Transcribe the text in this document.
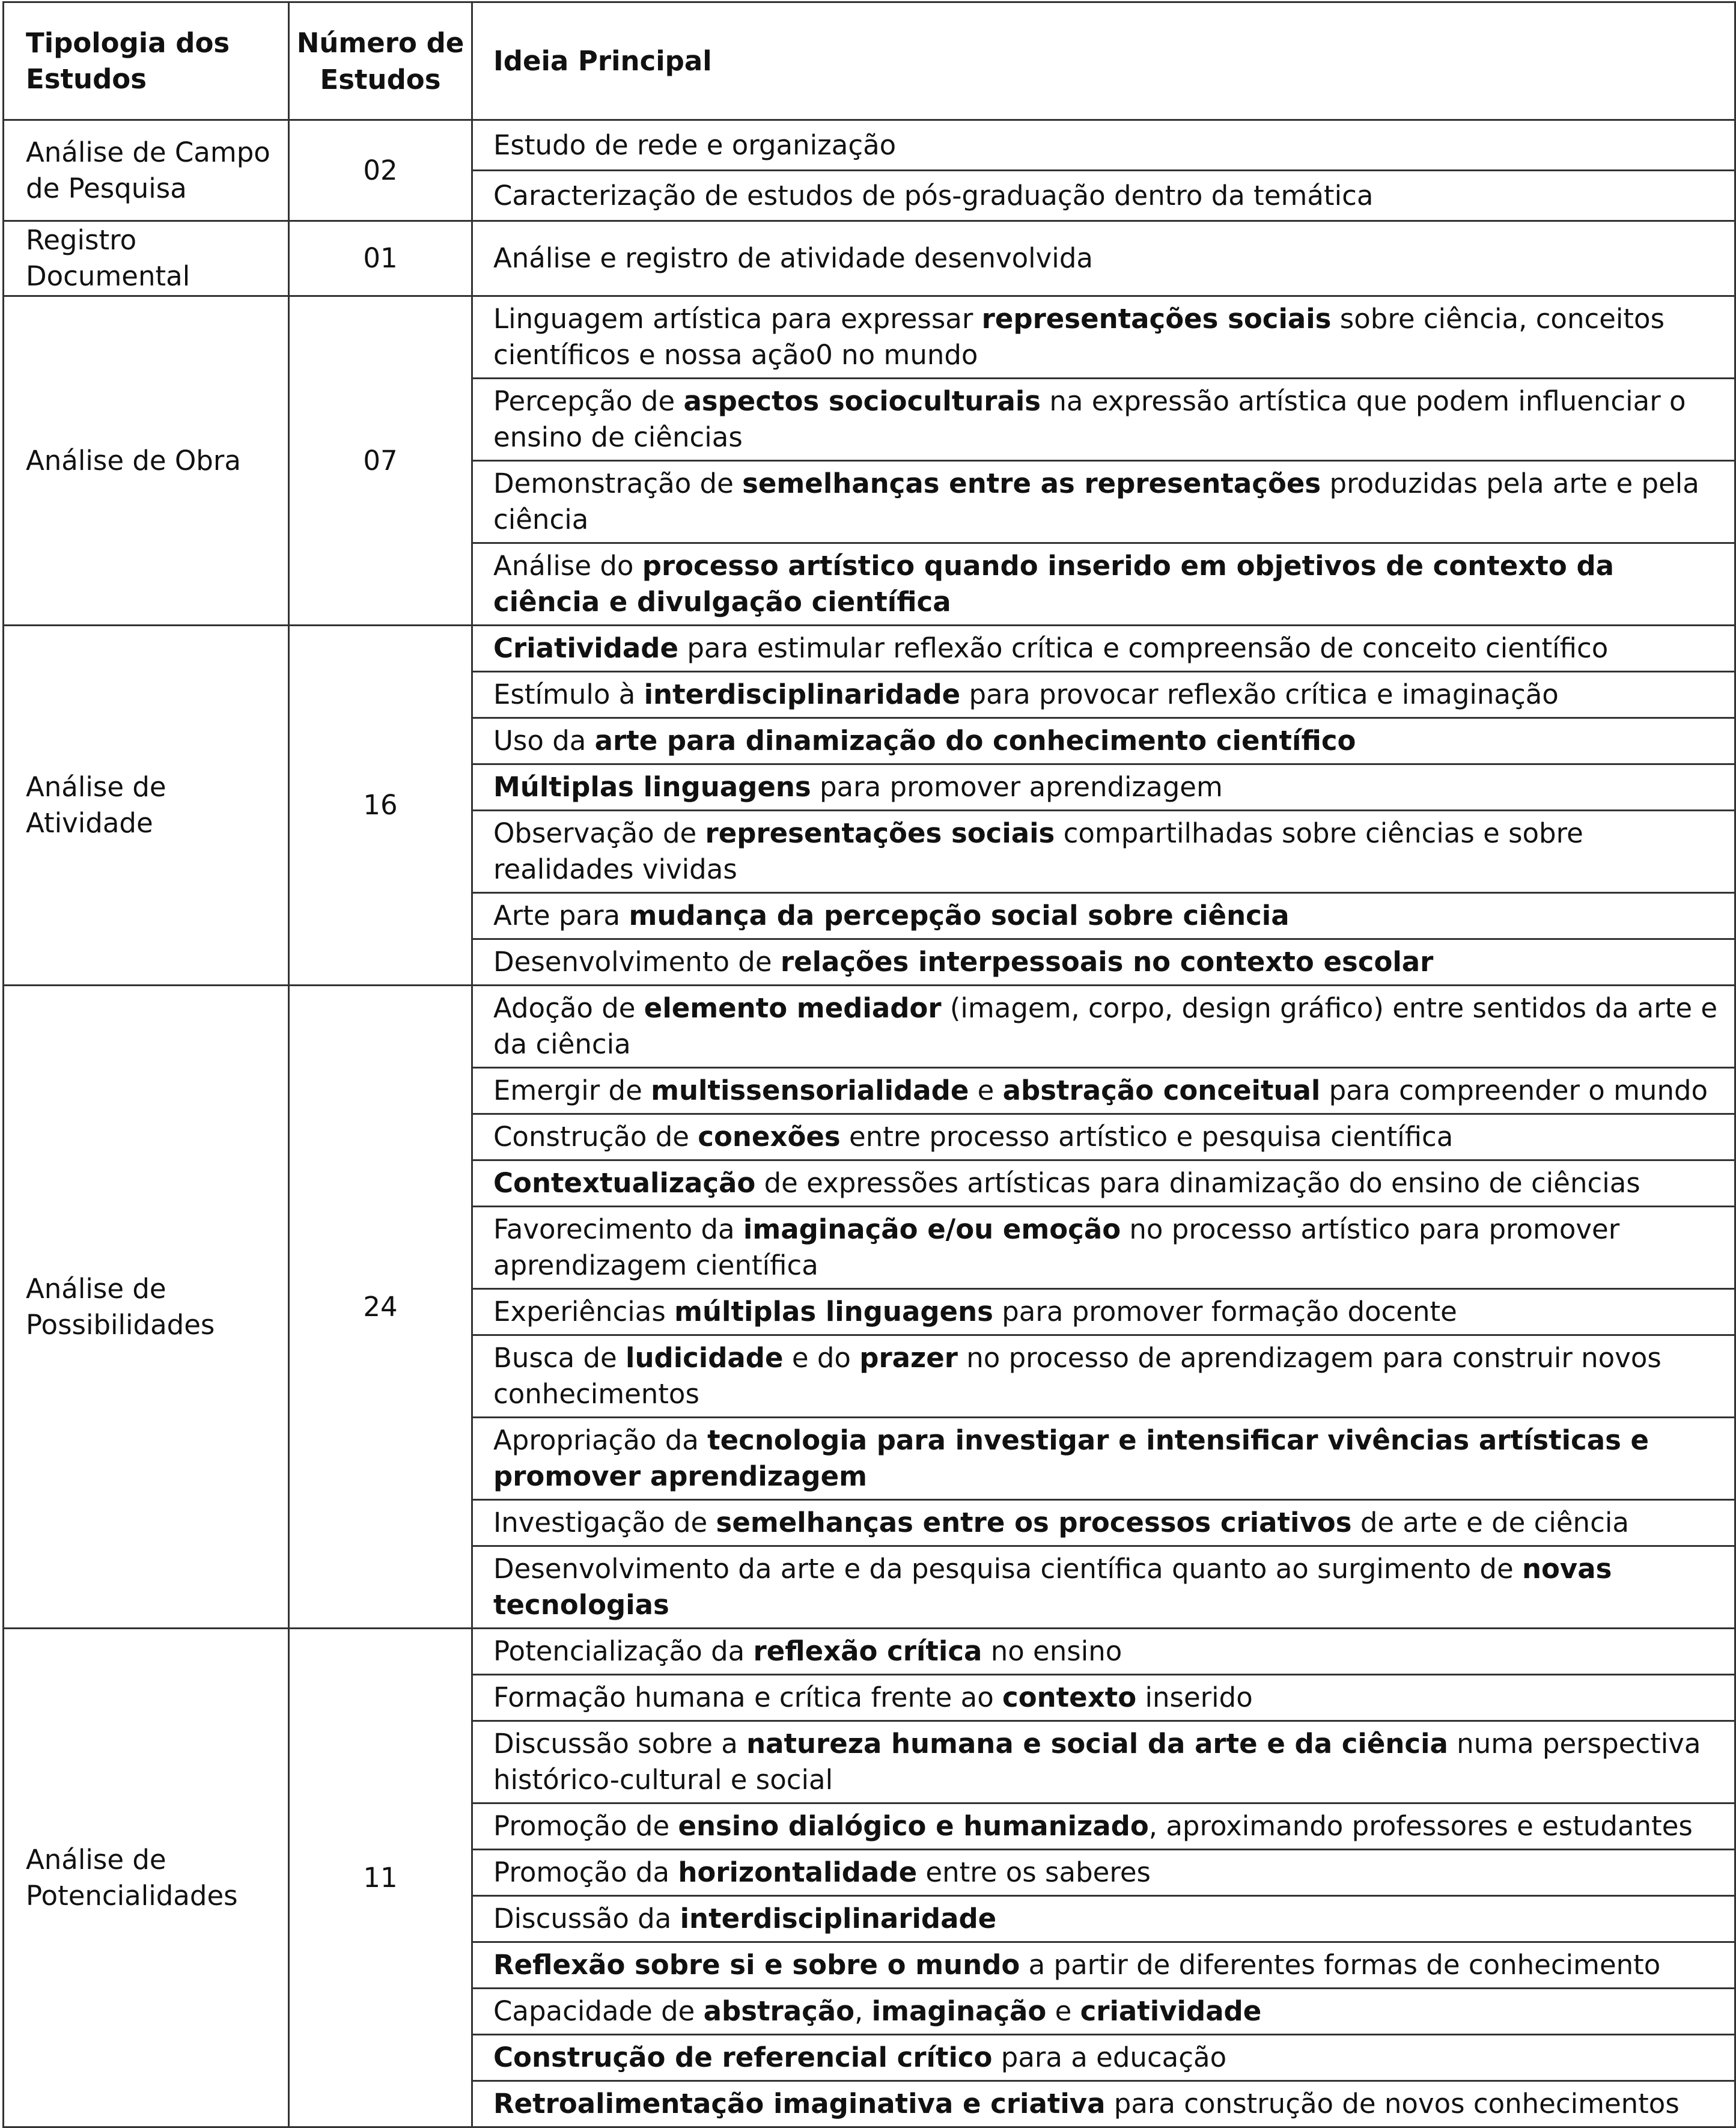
Tipologia dos Estudos	Número de Estudos	Ideia Principal
Análise de Campo de Pesquisa	02	Estudo de rede e organização
		Caracterização de estudos de pós-graduação dentro da temática
Registro Documental	01	Análise e registro de atividade desenvolvida
Análise de Obra	07	Linguagem artística para expressar representações sociais sobre ciência, conceitos científicos e nossa ação0 no mundo
		Percepção de aspectos socioculturais na expressão artística que podem influenciar o ensino de ciências
		Demonstração de semelhanças entre as representações produzidas pela arte e pela ciência
		Análise do processo artístico quando inserido em objetivos de contexto da ciência e divulgação científica
Análise de Atividade	16	Criatividade para estimular reflexão crítica e compreensão de conceito científico
		Estímulo à interdisciplinaridade para provocar reflexão crítica e imaginação
		Uso da arte para dinamização do conhecimento científico
		Múltiplas linguagens para promover aprendizagem
		Observação de representações sociais compartilhadas sobre ciências e sobre realidades vividas
		Arte para mudança da percepção social sobre ciência
		Desenvolvimento de relações interpessoais no contexto escolar
Análise de Possibilidades	24	Adoção de elemento mediador (imagem, corpo, design gráfico) entre sentidos da arte e da ciência
		Emergir de multissensorialidade e abstração conceitual para compreender o mundo
		Construção de conexões entre processo artístico e pesquisa científica
		Contextualização de expressões artísticas para dinamização do ensino de ciências
		Favorecimento da imaginação e/ou emoção no processo artístico para promover aprendizagem científica
		Experiências múltiplas linguagens para promover formação docente
		Busca de ludicidade e do prazer no processo de aprendizagem para construir novos conhecimentos
		Apropriação da tecnologia para investigar e intensificar vivências artísticas e promover aprendizagem
		Investigação de semelhanças entre os processos criativos de arte e de ciência
		Desenvolvimento da arte e da pesquisa científica quanto ao surgimento de novas tecnologias
Análise de Potencialidades	11	Potencialização da reflexão crítica no ensino
		Formação humana e crítica frente ao contexto inserido
		Discussão sobre a natureza humana e social da arte e da ciência numa perspectiva histórico-cultural e social
		Promoção de ensino dialógico e humanizado, aproximando professores e estudantes
		Promoção da horizontalidade entre os saberes
		Discussão da interdisciplinaridade
		Reflexão sobre si e sobre o mundo a partir de diferentes formas de conhecimento
		Capacidade de abstração, imaginação e criatividade
		Construção de referencial crítico para a educação
		Retroalimentação imaginativa e criativa para construção de novos conhecimentos
